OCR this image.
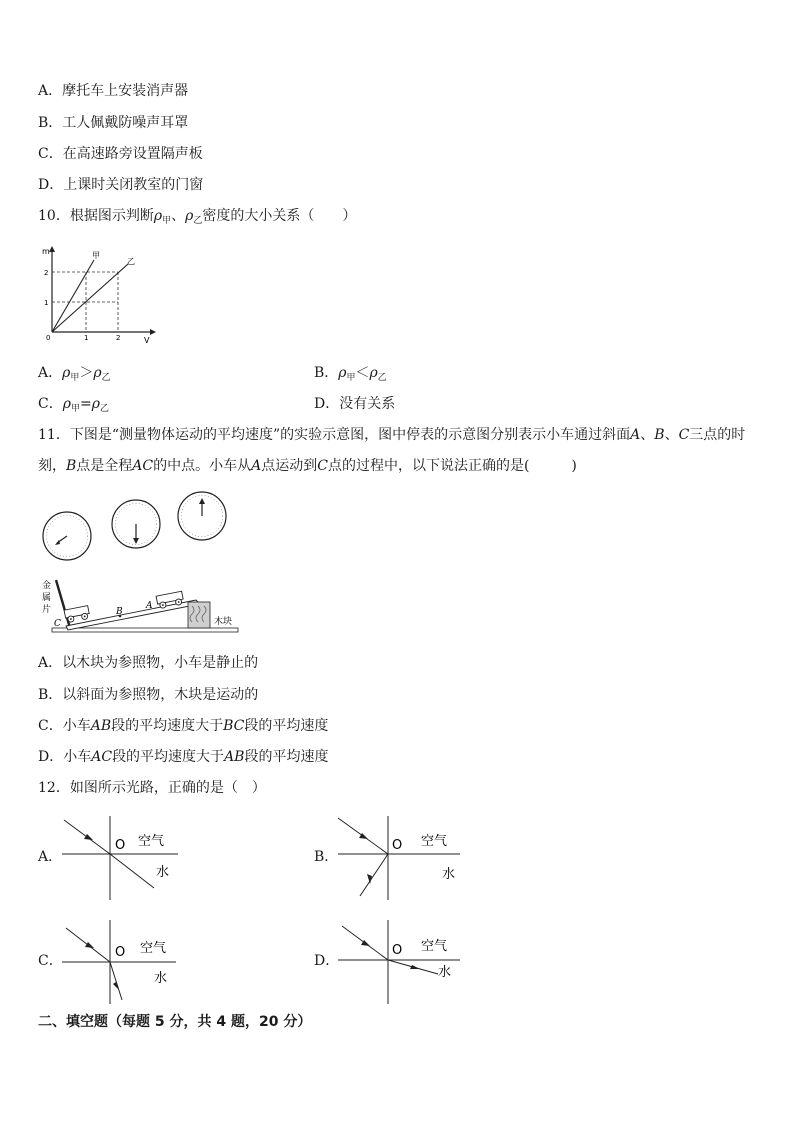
A．摩托车上安装消声器
B．工人佩戴防噪声耳罩
C．在高速路旁设置隔声板
D．上课时关闭教室的门窗
10．根据图示判断$\rho_甲$、$\rho_乙$密度的大小关系（　　）
m
V
0
1
2
1	2
甲
乙
A．$\rho_甲>\rho_乙$	B．$\rho_甲<\rho_乙$
C．$\rho_甲=\rho_乙$	D．没有关系
11．下图是“测量物体运动的平均速度”的实验示意图，图中停表的示意图分别表示小车通过斜面A、B、C三点的时
刻，B点是全程AC的中点。小车从A点运动到C点的过程中，以下说法正确的是(　　　)
金
属
片
C
B
A
木块
A．以木块为参照物，小车是静止的
B．以斜面为参照物，木块是运动的
C．小车AB段的平均速度大于BC段的平均速度
D．小车AC段的平均速度大于AB段的平均速度
12．如图所示光路，正确的是（　）
A．	B．
C．	D．
O 空气
水
O 空气
水
O 空气
水
O 空气
水
二、填空题（每题 5 分，共 4 题，20 分）
